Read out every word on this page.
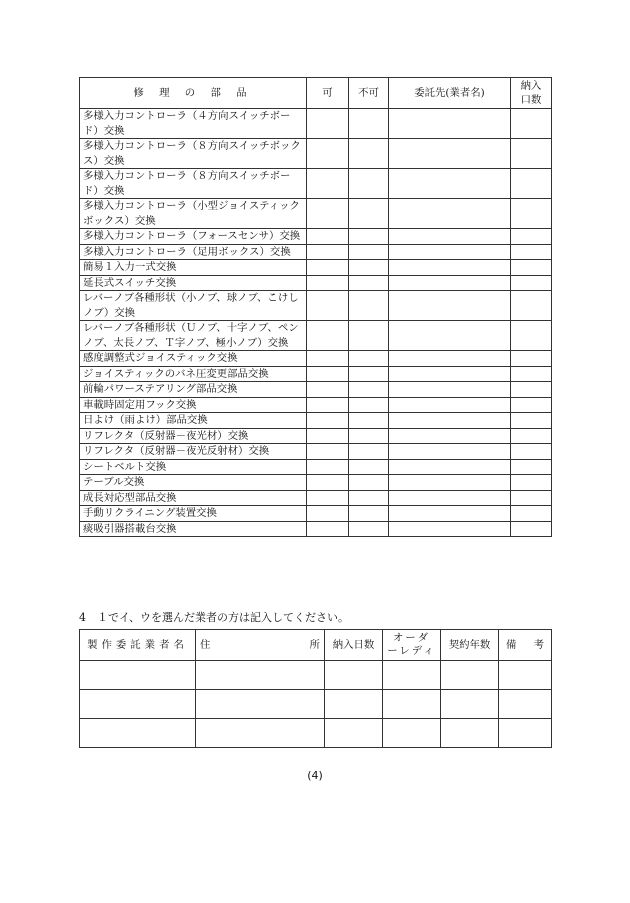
修 理 の 部 品	可	不可	委託先(業者名)	納入口数
多様入力コントローラ（４方向スイッチボード）交換				
多様入力コントローラ（８方向スイッチボックス）交換				
多様入力コントローラ（８方向スイッチボード）交換				
多様入力コントローラ（小型ジョイスティックボックス）交換				
多様入力コントローラ（フォースセンサ）交換				
多様入力コントローラ（足用ボックス）交換				
簡易１入力一式交換				
延長式スイッチ交換				
レバーノブ各種形状（小ノブ、球ノブ、こけしノブ）交換				
レバーノブ各種形状（Ｕノブ、十字ノブ、ペンノブ、太長ノブ、Ｔ字ノブ、極小ノブ）交換				
感度調整式ジョイスティック交換				
ジョイスティックのバネ圧変更部品交換				
前輪パワーステアリング部品交換				
車載時固定用フック交換				
日よけ（雨よけ）部品交換				
リフレクタ（反射器－夜光材）交換				
リフレクタ（反射器－夜光反射材）交換				
シートベルト交換				
テーブル交換				
成長対応型部品交換				
手動リクライニング装置交換				
痰吸引器搭載台交換				
4　１でイ、ウを選んだ業者の方は記入してください。
製作委託業者名	住 所	納入日数	オーダーレディ	契約年数	備 考

(4)
